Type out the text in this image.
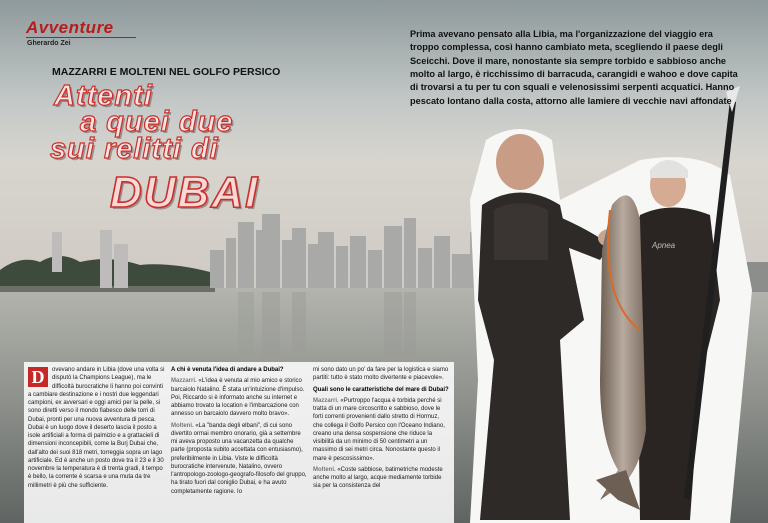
Apnea
Avventure
Gherardo Zei
MAZZARRI E MOLTENI NEL GOLFO PERSICO
Attenti
a quei due
sui relitti di
DUBAI
Prima avevano pensato alla Libia, ma l'organizzazione del viaggio era troppo complessa, così hanno cambiato meta, scegliendo il paese degli Sceicchi. Dove il mare, nonostante sia sempre torbido e sabbioso anche molto al largo, è ricchissimo di barracuda, carangidi e wahoo e dove capita di trovarsi a tu per tu con squali e velenosissimi serpenti acquatici. Hanno pescato lontano dalla costa, attorno alle lamiere di vecchie navi affondate
D	ovevano andare in Libia (dove una volta si disputò la Champions League), ma le difficoltà burocratiche li hanno poi convinti a cambiare destinazione e i nostri due leggendari campioni, ex avversari e oggi amici per la pelle, si sono diretti verso il mondo fiabesco delle torri di Dubai, pronti per una nuova avventura di pesca. Dubai è un luogo dove il deserto lascia il posto a isole artificiali a forma di palmizio e a grattacieli di dimensioni inconcepibili, come la Burj Dubai che, dall'alto dei suoi 818 metri, torreggia sopra un lago artificiale. Ed è anche un posto dove tra il 23 e il 30 novembre la temperatura è di trenta gradi, il tempo è bello, la corrente è scarsa e una muta da tre millimetri è più che sufficiente.

A chi è venuta l'idea di andare a Dubai?

Mazzarri. «L'idea è venuta al mio amico e storico barcaiolo Natalino. È stata un'intuizione d'impulso. Poi, Riccardo si è informato anche su internet e abbiamo trovato la location e l'imbarcazione con annesso un barcaiolo davvero molto bravo».

Molteni. «La "banda degli elbani", di cui sono divertito ormai membro onorario, già a settembre mi aveva proposto una vacanzetta da qualche parte (proposta subito accettata con entusiasmo), preferibilmente in Libia. Viste le difficoltà burocratiche intervenute, Natalino, ovvero l'antropologo-zoologo-geografo-filosofo del gruppo, ha tirato fuori dal coniglio Dubai, e ha avuto completamente ragione. Io

mi sono dato un po' da fare per la logistica e siamo partiti: tutto è stato molto divertente e piacevole».

Quali sono le caratteristiche del mare di Dubai?

Mazzarri. «Purtroppo l'acqua è torbida perché si tratta di un mare circoscritto e sabbioso, dove le forti correnti provenienti dallo stretto di Hormuz, che collega il Golfo Persico con l'Oceano Indiano, creano una densa sospensione che riduce la visibilità da un minimo di 50 centimetri a un massimo di sei metri circa. Nonostante questo il mare è pescosissimo».

Molteni. «Coste sabbiose, batimetriche modeste anche molto al largo, acque mediamente torbide sia per la consistenza del
